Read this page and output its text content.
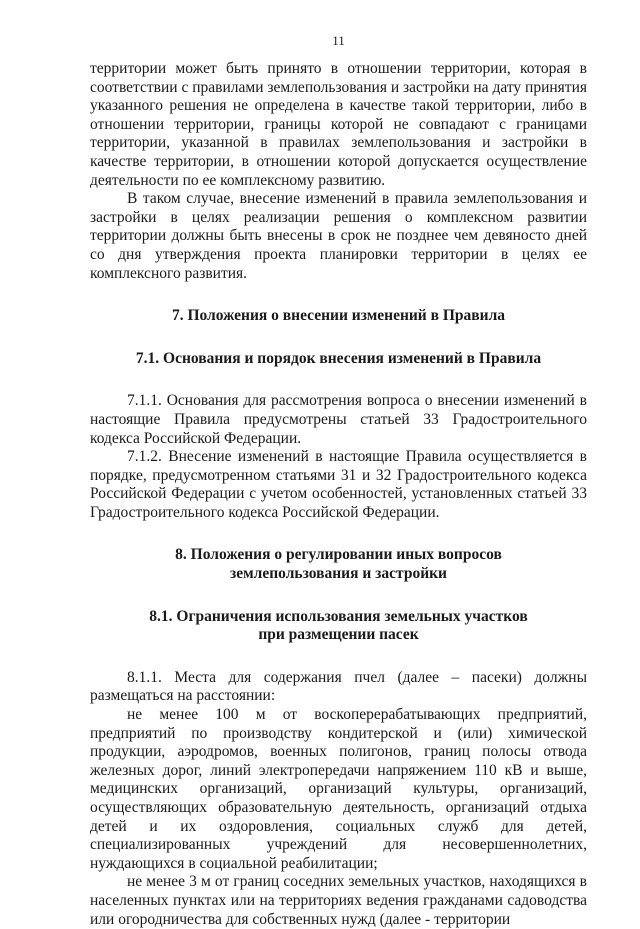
11

территории может быть принято в отношении территории, которая в соответствии с правилами землепользования и застройки на дату принятия указанного решения не определена в качестве такой территории, либо в отношении территории, границы которой не совпадают с границами территории, указанной в правилах землепользования и застройки в качестве территории, в отношении которой допускается осуществление деятельности по ее комплексному развитию.

В таком случае, внесение изменений в правила землепользования и застройки в целях реализации решения о комплексном развитии территории должны быть внесены в срок не позднее чем девяносто дней со дня утверждения проекта планировки территории в целях ее комплексного развития.

7. Положения о внесении изменений в Правила

7.1. Основания и порядок внесения изменений в Правила

7.1.1. Основания для рассмотрения вопроса о внесении изменений в настоящие Правила предусмотрены статьей 33 Градостроительного кодекса Российской Федерации.

7.1.2. Внесение изменений в настоящие Правила осуществляется в порядке, предусмотренном статьями 31 и 32 Градостроительного кодекса Российской Федерации с учетом особенностей, установленных статьей 33 Градостроительного кодекса Российской Федерации.

8. Положения о регулировании иных вопросов

землепользования и застройки

8.1. Ограничения использования земельных участков

при размещении пасек

8.1.1. Места для содержания пчел (далее – пасеки) должны размещаться на расстоянии:

не менее 100 м от воскоперерабатывающих предприятий, предприятий по производству кондитерской и (или) химической продукции, аэродромов, военных полигонов, границ полосы отвода железных дорог, линий электропередачи напряжением 110 кВ и выше, медицинских организаций, организаций культуры, организаций, осуществляющих образовательную деятельность, организаций отдыха детей и их оздоровления, социальных служб для детей, специализированных учреждений для несовершеннолетних, нуждающихся в социальной реабилитации;

не менее 3 м от границ соседних земельных участков, находящихся в населенных пунктах или на территориях ведения гражданами садоводства или огородничества для собственных нужд (далее - территории
